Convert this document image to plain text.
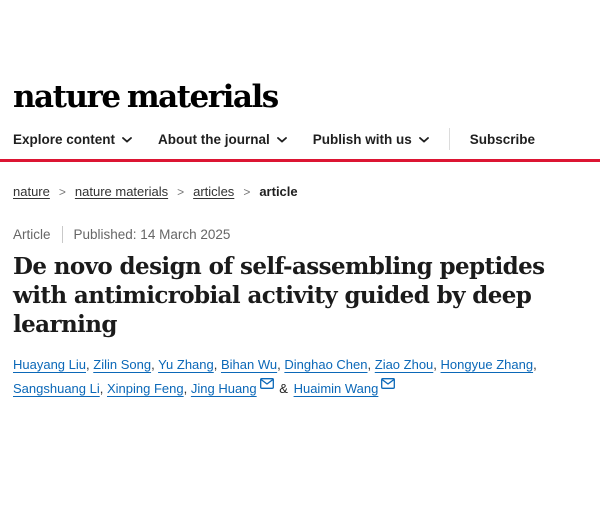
nature materials
Explore content	About the journal	Publish with us	Subscribe
nature > nature materials > articles > article
Article Published: 14 March 2025
De novo design of self-assembling peptides with antimicrobial activity guided by deep learning
Huayang Liu, Zilin Song, Yu Zhang, Bihan Wu, Dinghao Chen, Ziao Zhou, Hongyue Zhang, Sangshuang Li, Xinping Feng, Jing Huang & Huaimin Wang
